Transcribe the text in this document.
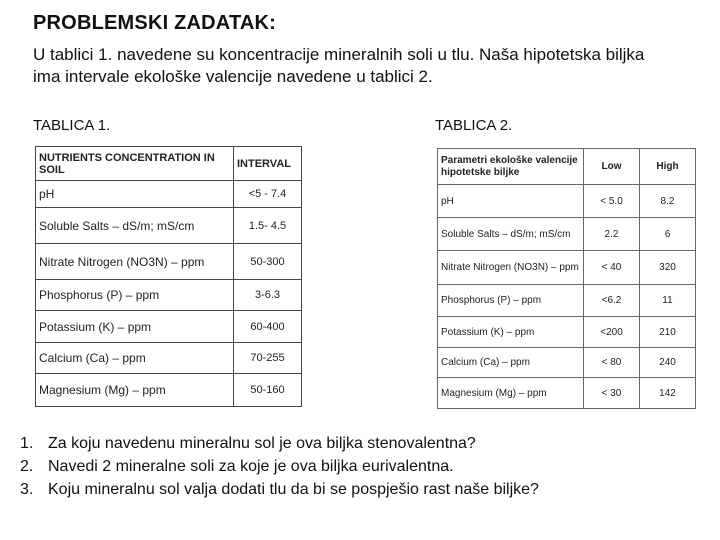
PROBLEMSKI ZADATAK:
U tablici 1. navedene su koncentracije mineralnih soli u tlu. Naša hipotetska biljka
ima intervale ekološke valencije navedene u tablici 2.
TABLICA 1.	TABLICA 2.
NUTRIENTS CONCENTRATION IN SOIL	INTERVAL
pH	<5 - 7.4
Soluble Salts – dS/m; mS/cm	1.5- 4.5
Nitrate Nitrogen (NO3N) – ppm	50-300
Phosphorus (P) – ppm	3-6.3
Potassium (K) – ppm	60-400
Calcium (Ca) – ppm	70-255
Magnesium (Mg) – ppm	50-160
Parametri ekološke valencije hipotetske biljke	Low	High
pH	< 5.0	8.2
Soluble Salts – dS/m; mS/cm	2.2	6
Nitrate Nitrogen (NO3N) – ppm	< 40	320
Phosphorus (P) – ppm	<6.2	11
Potassium (K) – ppm	<200	210
Calcium (Ca) – ppm	< 80	240
Magnesium (Mg) – ppm	< 30	142
1. Za koju navedenu mineralnu sol je ova biljka stenovalentna?
2. Navedi 2 mineralne soli za koje je ova biljka eurivalentna.
3. Koju mineralnu sol valja dodati tlu da bi se pospješio rast naše biljke?
